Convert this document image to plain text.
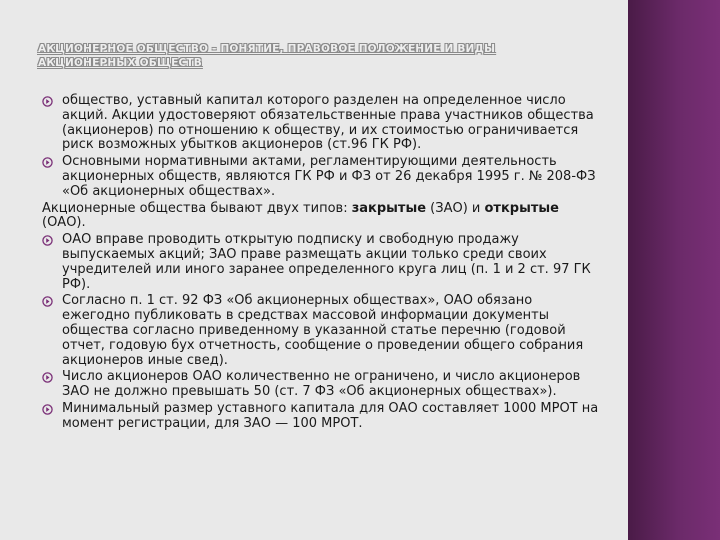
АКЦИОНЕРНОЕ ОБЩЕСТВО - ПОНЯТИЕ, ПРАВОВОЕ ПОЛОЖЕНИЕ И ВИДЫ
АКЦИОНЕРНЫХ ОБЩЕСТВ
общество, уставный капитал которого разделен на определенное число акций. Акции удостоверяют обязательственные права участников общества (акционеров) по отношению к обществу, и их стоимостью ограничивается риск возможных убытков акционеров (ст.96 ГК РФ).
Основными нормативными актами, регламентирующими деятельность акционерных обществ, являются ГК РФ и ФЗ от 26 декабря 1995 г. № 208-ФЗ «Об акционерных обществах».
Акционерные общества бывают двух типов: закрытые (ЗАО) и открытые (ОАО).
ОАО вправе проводить открытую подписку и свободную продажу выпускаемых акций; ЗАО праве размещать акции только среди своих учредителей или иного заранее определенного круга лиц (п. 1 и 2 ст. 97 ГК РФ).
Согласно п. 1 ст. 92 ФЗ «Об акционерных обществах», ОАО обязано ежегодно публиковать в средствах массовой информации документы общества согласно приведенному в указанной статье перечню (годовой отчет, годовую бух отчетность, сообщение о проведении общего собрания акционеров иные свед).
Число акционеров ОАО количественно не ограничено, и число акционеров ЗАО не должно превышать 50 (ст. 7 ФЗ «Об акционерных обществах»).
Минимальный размер уставного капитала для ОАО составляет 1000 МРОТ на момент регистрации, для ЗАО — 100 МРОТ.
